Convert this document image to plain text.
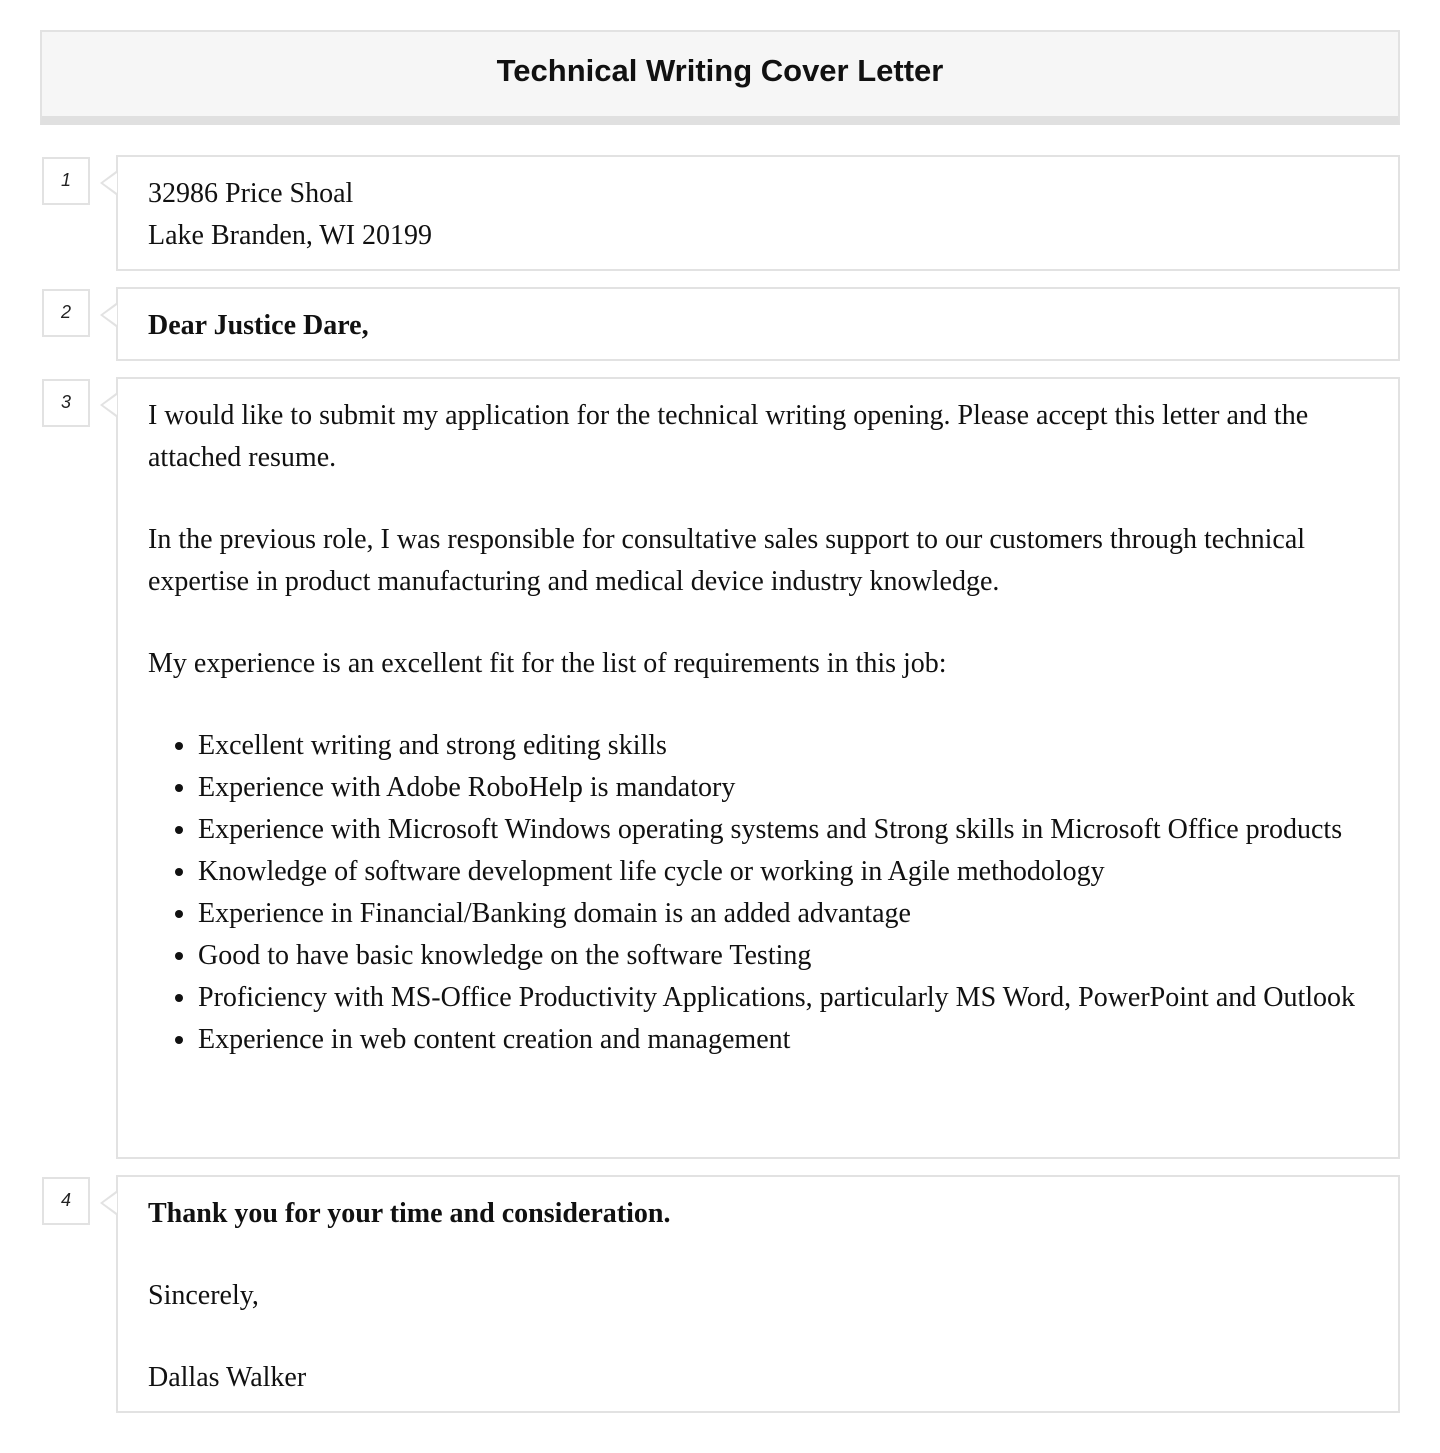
Technical Writing Cover Letter
1	32986 Price Shoal
Lake Branden, WI 20199
2	Dear Justice Dare,
3	I would like to submit my application for the technical writing opening. Please accept this letter and the attached resume.
In the previous role, I was responsible for consultative sales support to our customers through technical expertise in product manufacturing and medical device industry knowledge.
My experience is an excellent fit for the list of requirements in this job:
• Excellent writing and strong editing skills
• Experience with Adobe RoboHelp is mandatory
• Experience with Microsoft Windows operating systems and Strong skills in Microsoft Office products
• Knowledge of software development life cycle or working in Agile methodology
• Experience in Financial/Banking domain is an added advantage
• Good to have basic knowledge on the software Testing
• Proficiency with MS-Office Productivity Applications, particularly MS Word, PowerPoint and Outlook
• Experience in web content creation and management
4	Thank you for your time and consideration.
Sincerely,
Dallas Walker
